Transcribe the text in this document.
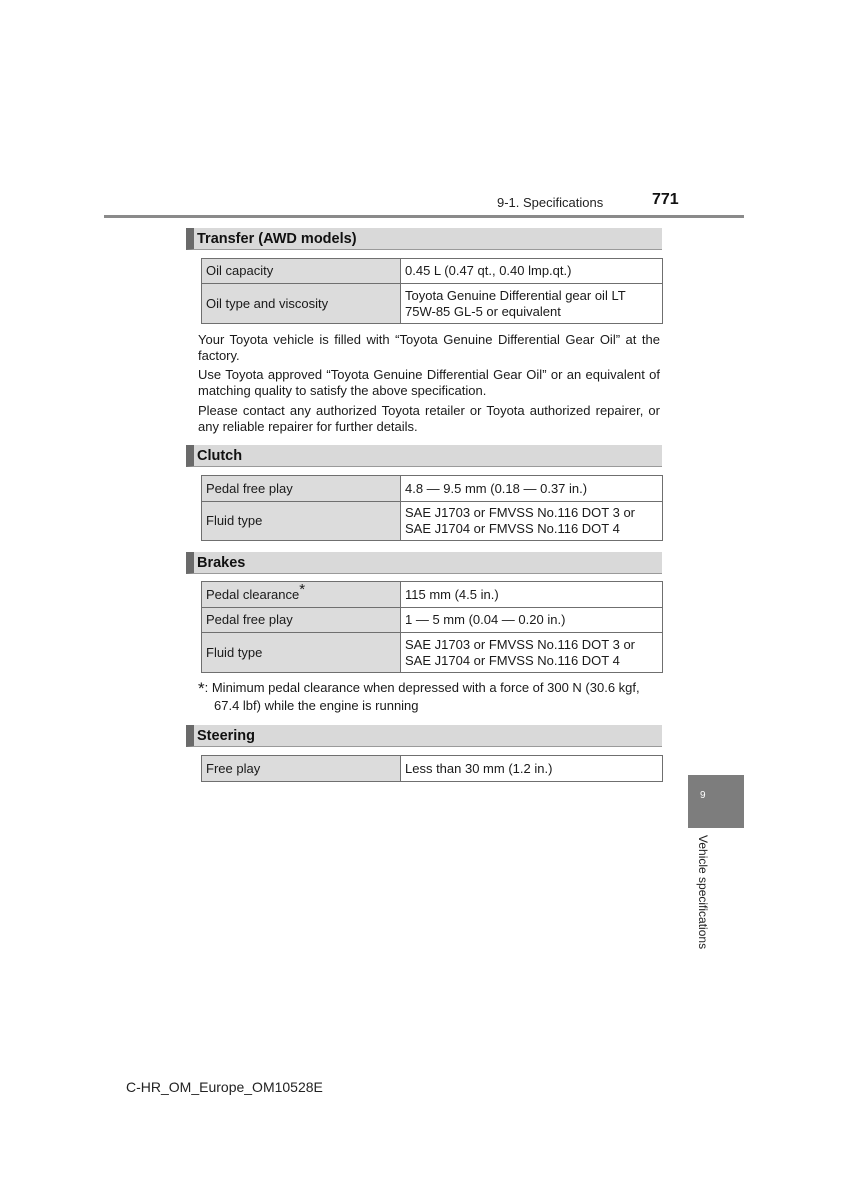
9-1. Specifications	771
Transfer (AWD models)
Oil capacity	0.45 L (0.47 qt., 0.40 lmp.qt.)
Oil type and viscosity	Toyota Genuine Differential gear oil LT
75W-85 GL-5 or equivalent

Your Toyota vehicle is filled with “Toyota Genuine Differential Gear Oil” at the factory.

Use Toyota approved “Toyota Genuine Differential Gear Oil” or an equivalent of matching quality to satisfy the above specification.

Please contact any authorized Toyota retailer or Toyota authorized repairer, or any reliable repairer for further details.

Clutch
Pedal free play	4.8 — 9.5 mm (0.18 — 0.37 in.)
Fluid type	SAE J1703 or FMVSS No.116 DOT 3 or
SAE J1704 or FMVSS No.116 DOT 4
Brakes
Pedal clearance*	115 mm (4.5 in.)
Pedal free play	1 — 5 mm (0.04 — 0.20 in.)
Fluid type	SAE J1703 or FMVSS No.116 DOT 3 or
SAE J1704 or FMVSS No.116 DOT 4
*: Minimum pedal clearance when depressed with a force of 300 N (30.6 kgf,
67.4 lbf) while the engine is running
Steering
Free play	Less than 30 mm (1.2 in.)
9
Vehicle specifications
C-HR_OM_Europe_OM10528E
